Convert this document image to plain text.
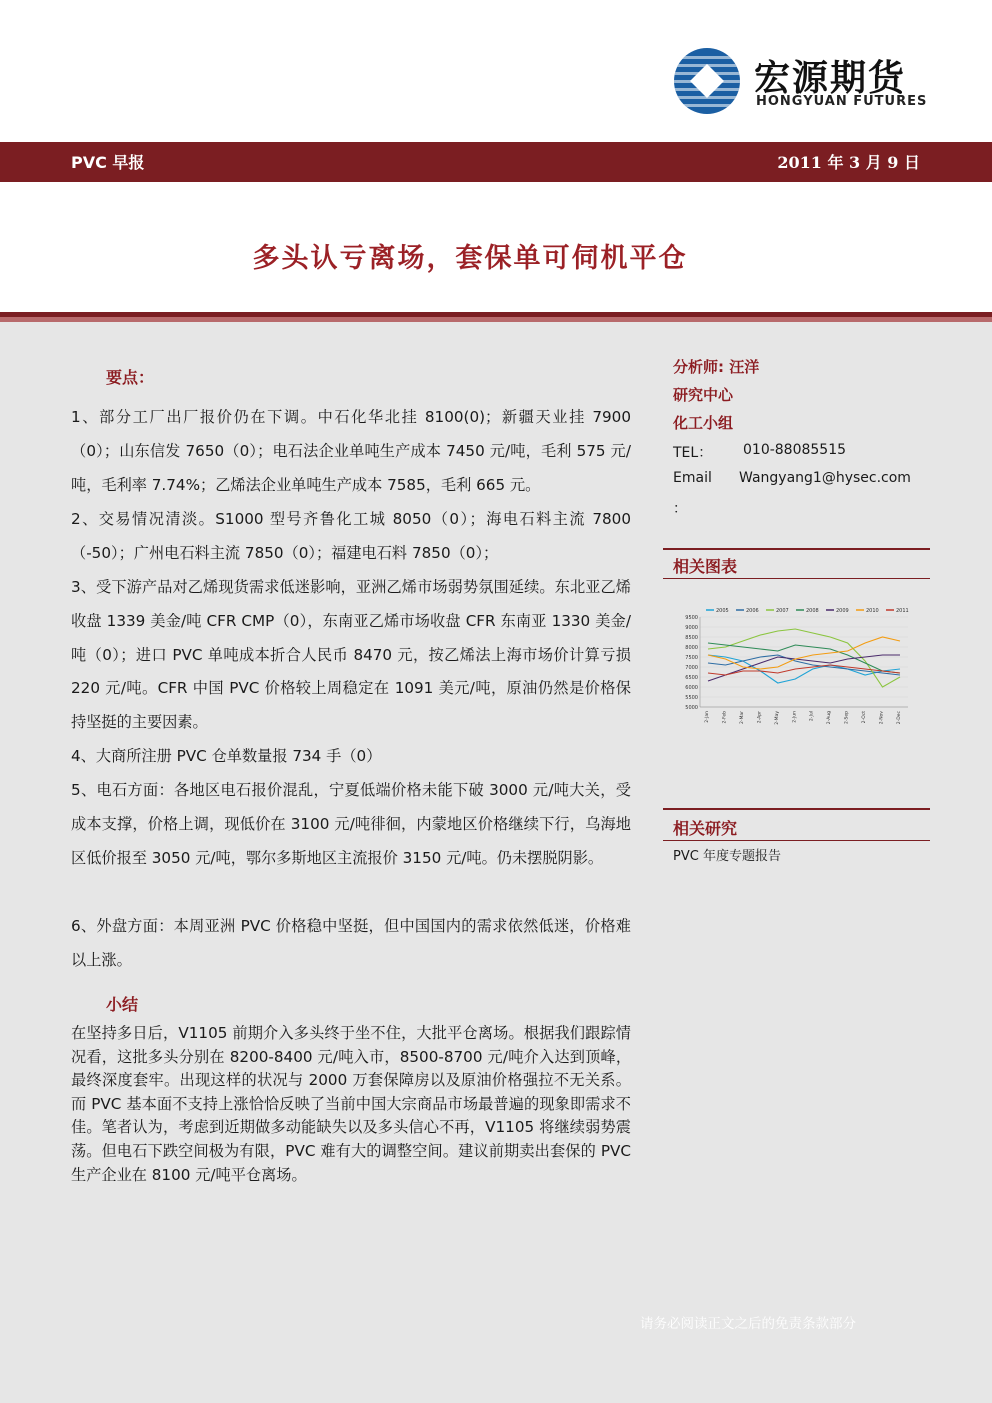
宏源期货
HONGYUAN FUTURES
PVC 早报	2011 年 3 月 9 日
多头认亏离场，套保单可伺机平仓
要点：

1、部分工厂出厂报价仍在下调。中石化华北挂 8100(0)；新疆天业挂 7900（0）；山东信发 7650（0）；电石法企业单吨生产成本 7450 元/吨，毛利 575 元/吨，毛利率 7.74%；乙烯法企业单吨生产成本 7585，毛利 665 元。

2、交易情况清淡。S1000 型号齐鲁化工城 8050（0）；海电石料主流 7800（-50）；广州电石料主流 7850（0）；福建电石料 7850（0）；

3、受下游产品对乙烯现货需求低迷影响，亚洲乙烯市场弱势氛围延续。东北亚乙烯收盘 1339 美金/吨 CFR CMP（0），东南亚乙烯市场收盘 CFR 东南亚 1330 美金/吨（0）；进口 PVC 单吨成本折合人民币 8470 元，按乙烯法上海市场价计算亏损 220 元/吨。CFR 中国 PVC 价格较上周稳定在 1091 美元/吨，原油仍然是价格保持坚挺的主要因素。

4、大商所注册 PVC 仓单数量报 734 手（0）

5、电石方面：各地区电石报价混乱，宁夏低端价格未能下破 3000 元/吨大关，受成本支撑，价格上调，现低价在 3100 元/吨徘徊，内蒙地区价格继续下行，乌海地区低价报至 3050 元/吨，鄂尔多斯地区主流报价 3150 元/吨。仍未摆脱阴影。

6、外盘方面：本周亚洲 PVC 价格稳中坚挺，但中国国内的需求依然低迷，价格难以上涨。

小结

在坚持多日后，V1105 前期介入多头终于坐不住，大批平仓离场。根据我们跟踪情况看，这批多头分别在 8200-8400 元/吨入市，8500-8700 元/吨介入达到顶峰，最终深度套牢。出现这样的状况与 2000 万套保障房以及原油价格强拉不无关系。而 PVC 基本面不支持上涨恰恰反映了当前中国大宗商品市场最普遍的现象即需求不佳。笔者认为，考虑到近期做多动能缺失以及多头信心不再，V1105 将继续弱势震荡。但电石下跌空间极为有限，PVC 难有大的调整空间。建议前期卖出套保的 PVC 生产企业在 8100 元/吨平仓离场。

分析师: 汪洋
研究中心
化工小组
TEL： 010-88085515
Email Wangyang1@hysec.com
：
相关图表
2005	2006	2007	2008	2009	2010	2011
9500
9000
8500
8000
7500
7000
6500
6000
5500
5000
2-Jan	2-Feb	2-Mar	2-Apr	2-May	2-Jun	2-Jul	2-Aug	2-Sep	2-Oct	2-Nov	2-Dec
相关研究
PVC 年度专题报告
请务必阅读正文之后的免责条款部分
